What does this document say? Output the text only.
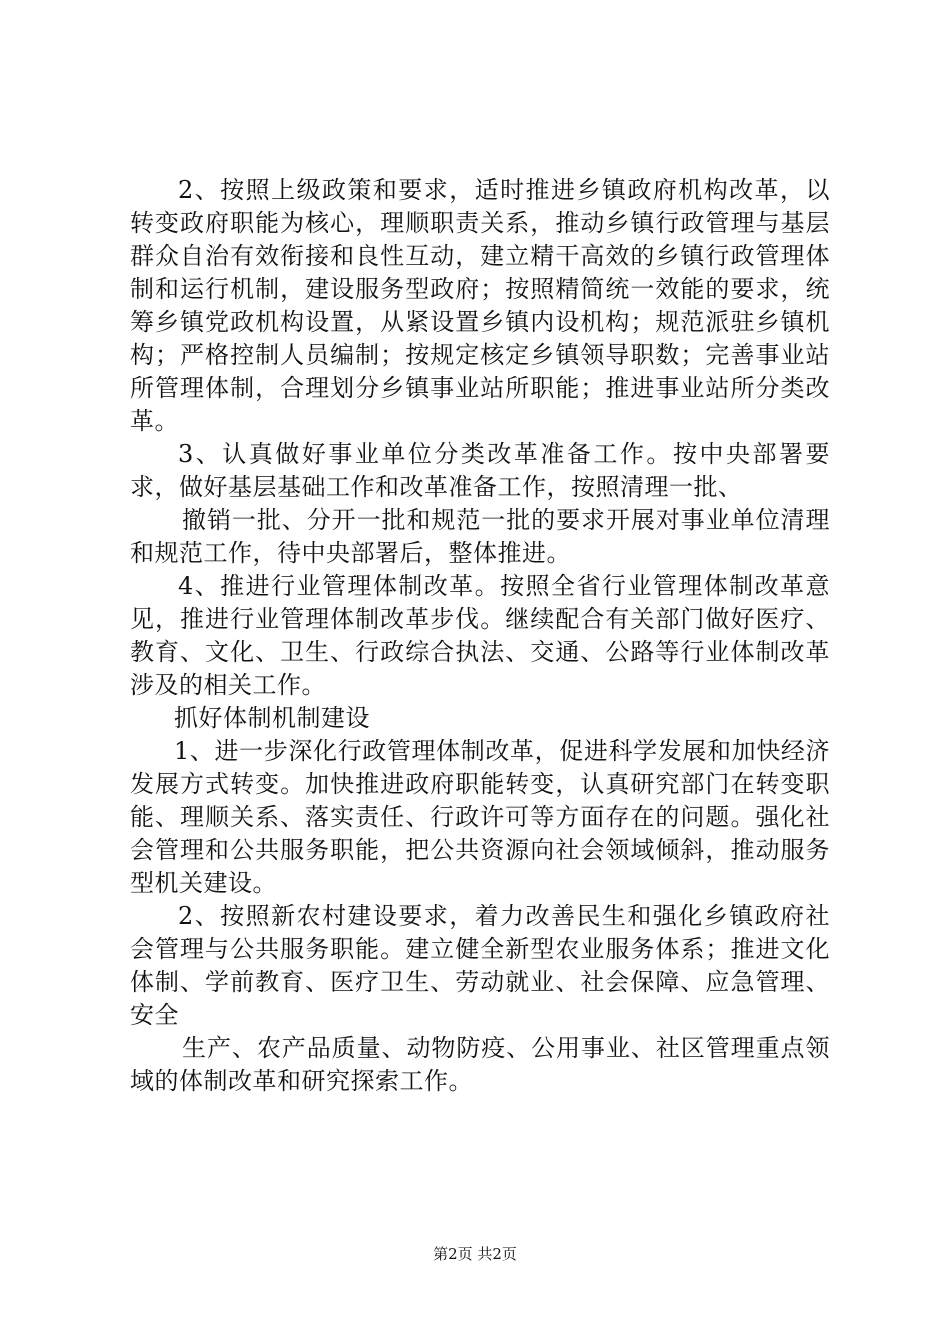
2、按照上级政策和要求，适时推进乡镇政府机构改革，以转变政府职能为核心，理顺职责关系，推动乡镇行政管理与基层群众自治有效衔接和良性互动，建立精干高效的乡镇行政管理体制和运行机制，建设服务型政府；按照精简统一效能的要求，统筹乡镇党政机构设置，从紧设置乡镇内设机构；规范派驻乡镇机构；严格控制人员编制；按规定核定乡镇领导职数；完善事业站所管理体制，合理划分乡镇事业站所职能；推进事业站所分类改革。

3、认真做好事业单位分类改革准备工作。按中央部署要求，做好基层基础工作和改革准备工作，按照清理一批、

撤销一批、分开一批和规范一批的要求开展对事业单位清理和规范工作，待中央部署后，整体推进。

4、推进行业管理体制改革。按照全省行业管理体制改革意见，推进行业管理体制改革步伐。继续配合有关部门做好医疗、教育、文化、卫生、行政综合执法、交通、公路等行业体制改革涉及的相关工作。

抓好体制机制建设

1、进一步深化行政管理体制改革，促进科学发展和加快经济发展方式转变。加快推进政府职能转变，认真研究部门在转变职能、理顺关系、落实责任、行政许可等方面存在的问题。强化社会管理和公共服务职能，把公共资源向社会领域倾斜，推动服务型机关建设。

2、按照新农村建设要求，着力改善民生和强化乡镇政府社会管理与公共服务职能。建立健全新型农业服务体系；推进文化体制、学前教育、医疗卫生、劳动就业、社会保障、应急管理、安全

生产、农产品质量、动物防疫、公用事业、社区管理重点领域的体制改革和研究探索工作。

第2页 共2页
